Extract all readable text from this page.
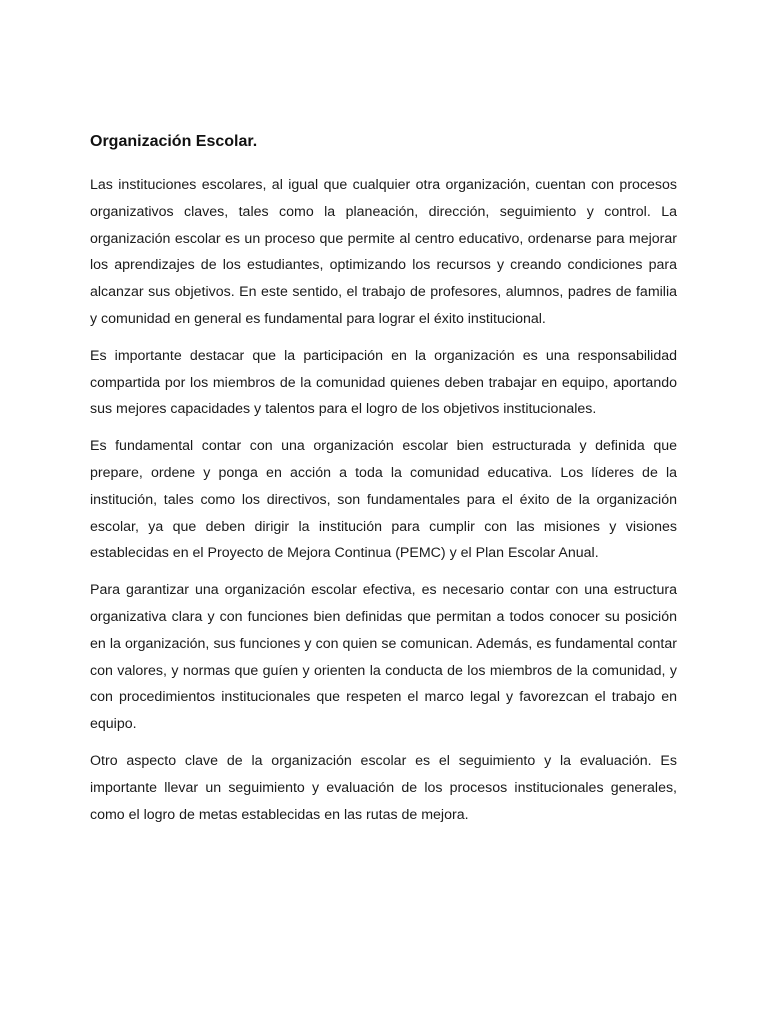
Organización Escolar.

Las instituciones escolares, al igual que cualquier otra organización, cuentan con procesos organizativos claves, tales como la planeación, dirección, seguimiento y control. La organización escolar es un proceso que permite al centro educativo, ordenarse para mejorar los aprendizajes de los estudiantes, optimizando los recursos y creando condiciones para alcanzar sus objetivos. En este sentido, el trabajo de profesores, alumnos, padres de familia y comunidad en general es fundamental para lograr el éxito institucional.

Es importante destacar que la participación en la organización es una responsabilidad compartida por los miembros de la comunidad quienes deben trabajar en equipo, aportando sus mejores capacidades y talentos para el logro de los objetivos institucionales.

Es fundamental contar con una organización escolar bien estructurada y definida que prepare, ordene y ponga en acción a toda la comunidad educativa. Los líderes de la institución, tales como los directivos, son fundamentales para el éxito de la organización escolar, ya que deben dirigir la institución para cumplir con las misiones y visiones establecidas en el Proyecto de Mejora Continua (PEMC) y el Plan Escolar Anual.

Para garantizar una organización escolar efectiva, es necesario contar con una estructura organizativa clara y con funciones bien definidas que permitan a todos conocer su posición en la organización, sus funciones y con quien se comunican. Además, es fundamental contar con valores, y normas que guíen y orienten la conducta de los miembros de la comunidad, y con procedimientos institucionales que respeten el marco legal y favorezcan el trabajo en equipo.

Otro aspecto clave de la organización escolar es el seguimiento y la evaluación. Es importante llevar un seguimiento y evaluación de los procesos institucionales generales, como el logro de metas establecidas en las rutas de mejora.
